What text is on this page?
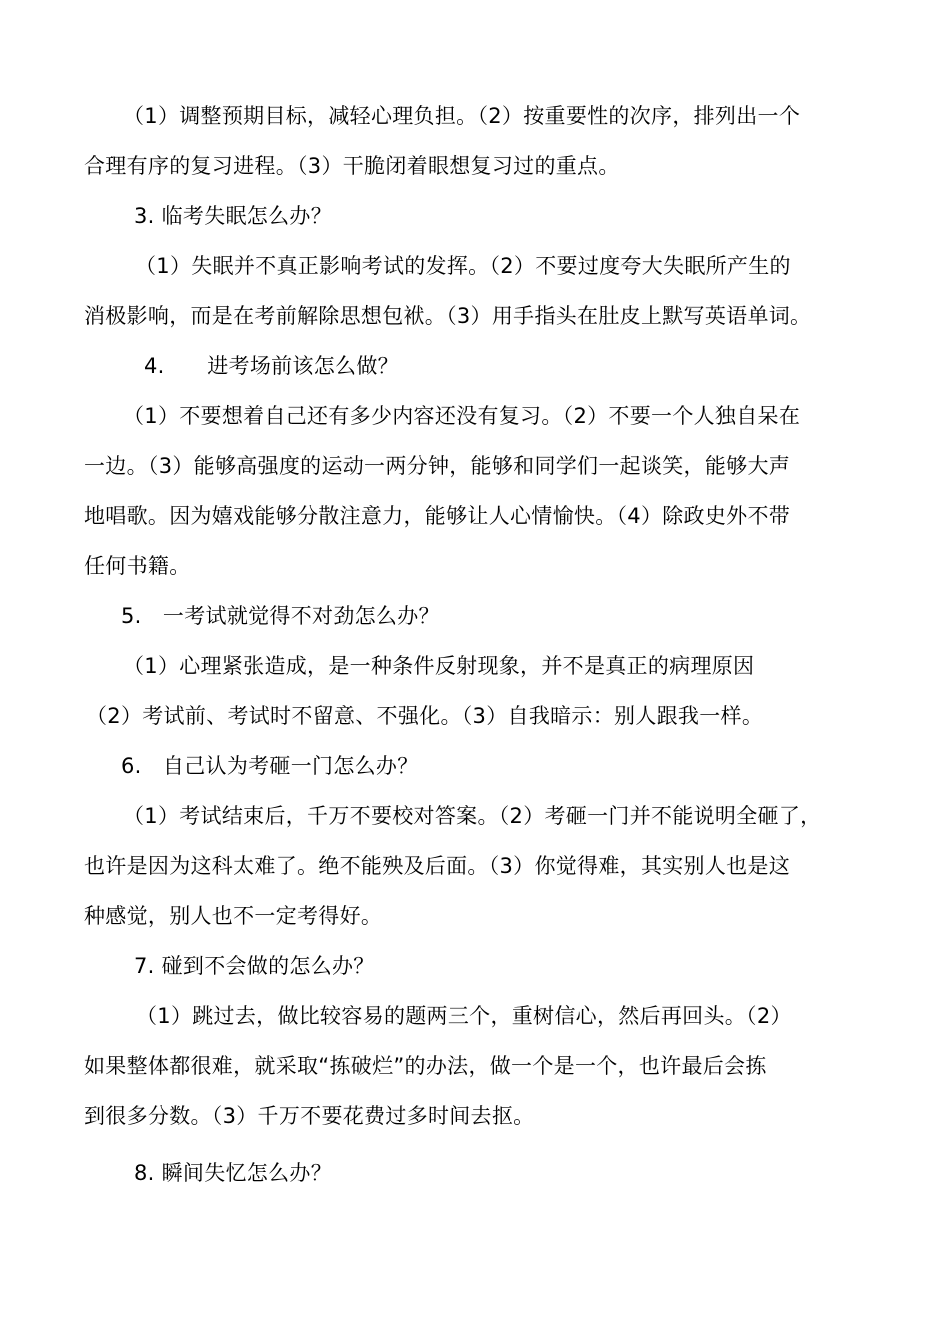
（1）调整预期目标，减轻心理负担。（2）按重要性的次序，排列出一个

合理有序的复习进程。（3）干脆闭着眼想复习过的重点。

3. 临考失眠怎么办？

（1）失眠并不真正影响考试的发挥。（2）不要过度夸大失眠所产生的

消极影响，而是在考前解除思想包袱。（3）用手指头在肚皮上默写英语单词。

4.　　进考场前该怎么做？

（1）不要想着自己还有多少内容还没有复习。（2）不要一个人独自呆在

一边。（3）能够高强度的运动一两分钟，能够和同学们一起谈笑，能够大声

地唱歌。因为嬉戏能够分散注意力，能够让人心情愉快。（4）除政史外不带

任何书籍。

5.　一考试就觉得不对劲怎么办？

（1）心理紧张造成，是一种条件反射现象，并不是真正的病理原因

（2）考试前、考试时不留意、不强化。（3）自我暗示：别人跟我一样。

6.　自己认为考砸一门怎么办？

（1）考试结束后，千万不要校对答案。（2）考砸一门并不能说明全砸了，

也许是因为这科太难了。绝不能殃及后面。（3）你觉得难，其实别人也是这

种感觉，别人也不一定考得好。

7. 碰到不会做的怎么办？

（1）跳过去，做比较容易的题两三个，重树信心，然后再回头。（2）

如果整体都很难，就采取“拣破烂”的办法，做一个是一个，也许最后会拣

到很多分数。（3）千万不要花费过多时间去抠。

8. 瞬间失忆怎么办？
